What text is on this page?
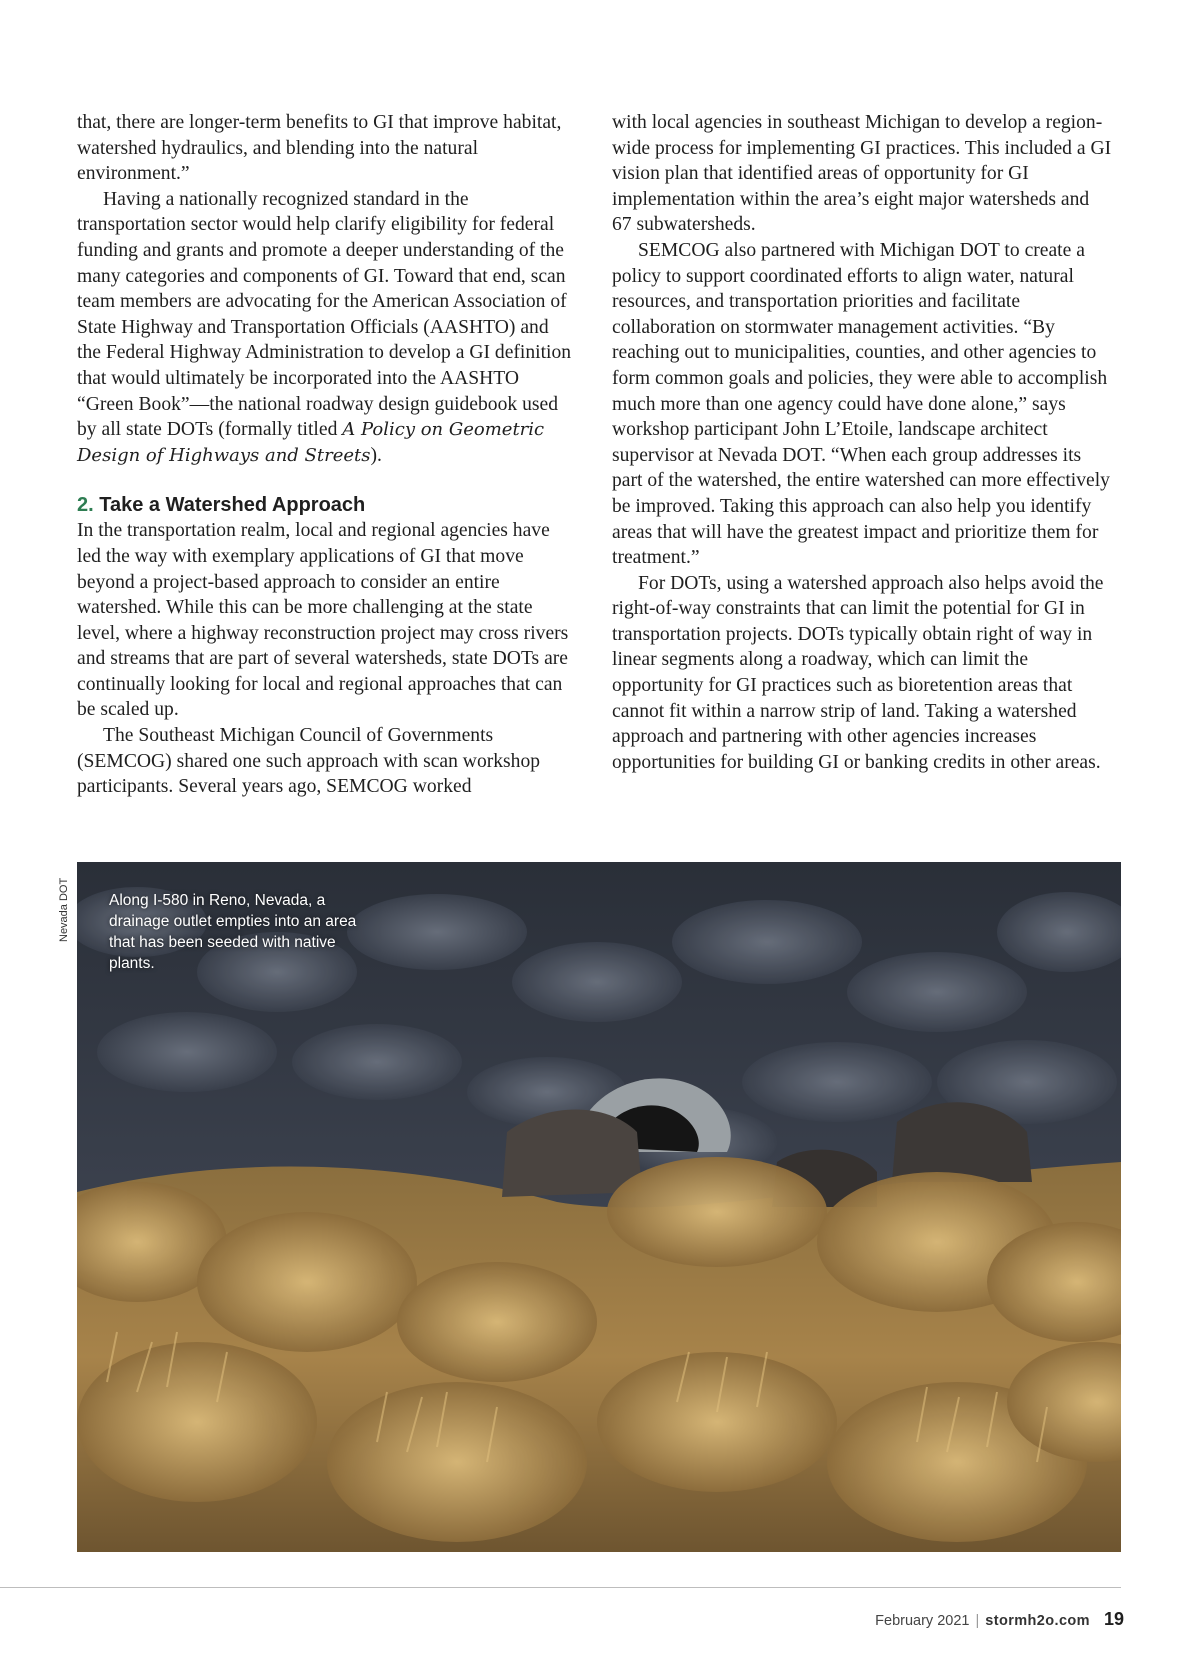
that, there are longer-term benefits to GI that improve habitat, watershed hydraulics, and blending into the natural environment.”

Having a nationally recognized standard in the transportation sector would help clarify eligibility for federal funding and grants and promote a deeper understanding of the many categories and components of GI. Toward that end, scan team members are advocating for the American Association of State Highway and Transportation Officials (AASHTO) and the Federal Highway Administration to develop a GI definition that would ultimately be incorporated into the AASHTO “Green Book”—the national roadway design guidebook used by all state DOTs (formally titled A Policy on Geometric Design of Highways and Streets).

2. Take a Watershed Approach

In the transportation realm, local and regional agencies have led the way with exemplary applications of GI that move beyond a project-based approach to consider an entire watershed. While this can be more challenging at the state level, where a highway reconstruction project may cross rivers and streams that are part of several watersheds, state DOTs are continually looking for local and regional approaches that can be scaled up.

The Southeast Michigan Council of Governments (SEMCOG) shared one such approach with scan workshop participants. Several years ago, SEMCOG worked

with local agencies in southeast Michigan to develop a region-wide process for implementing GI practices. This included a GI vision plan that identified areas of opportunity for GI implementation within the area’s eight major watersheds and 67 subwatersheds.

SEMCOG also partnered with Michigan DOT to create a policy to support coordinated efforts to align water, natural resources, and transportation priorities and facilitate collaboration on stormwater management activities. “By reaching out to municipalities, counties, and other agencies to form common goals and policies, they were able to accomplish much more than one agency could have done alone,” says workshop participant John L’Etoile, landscape architect supervisor at Nevada DOT. “When each group addresses its part of the watershed, the entire watershed can more effectively be improved. Taking this approach can also help you identify areas that will have the greatest impact and prioritize them for treatment.”

For DOTs, using a watershed approach also helps avoid the right-of-way constraints that can limit the potential for GI in transportation projects. DOTs typically obtain right of way in linear segments along a roadway, which can limit the opportunity for GI practices such as bioretention areas that cannot fit within a narrow strip of land. Taking a watershed approach and partnering with other agencies increases opportunities for building GI or banking credits in other areas.

Nevada DOT	Along I-580 in Reno, Nevada, a drainage outlet empties into an area that has been seeded with native plants.
February 2021 | stormh2o.com 19
